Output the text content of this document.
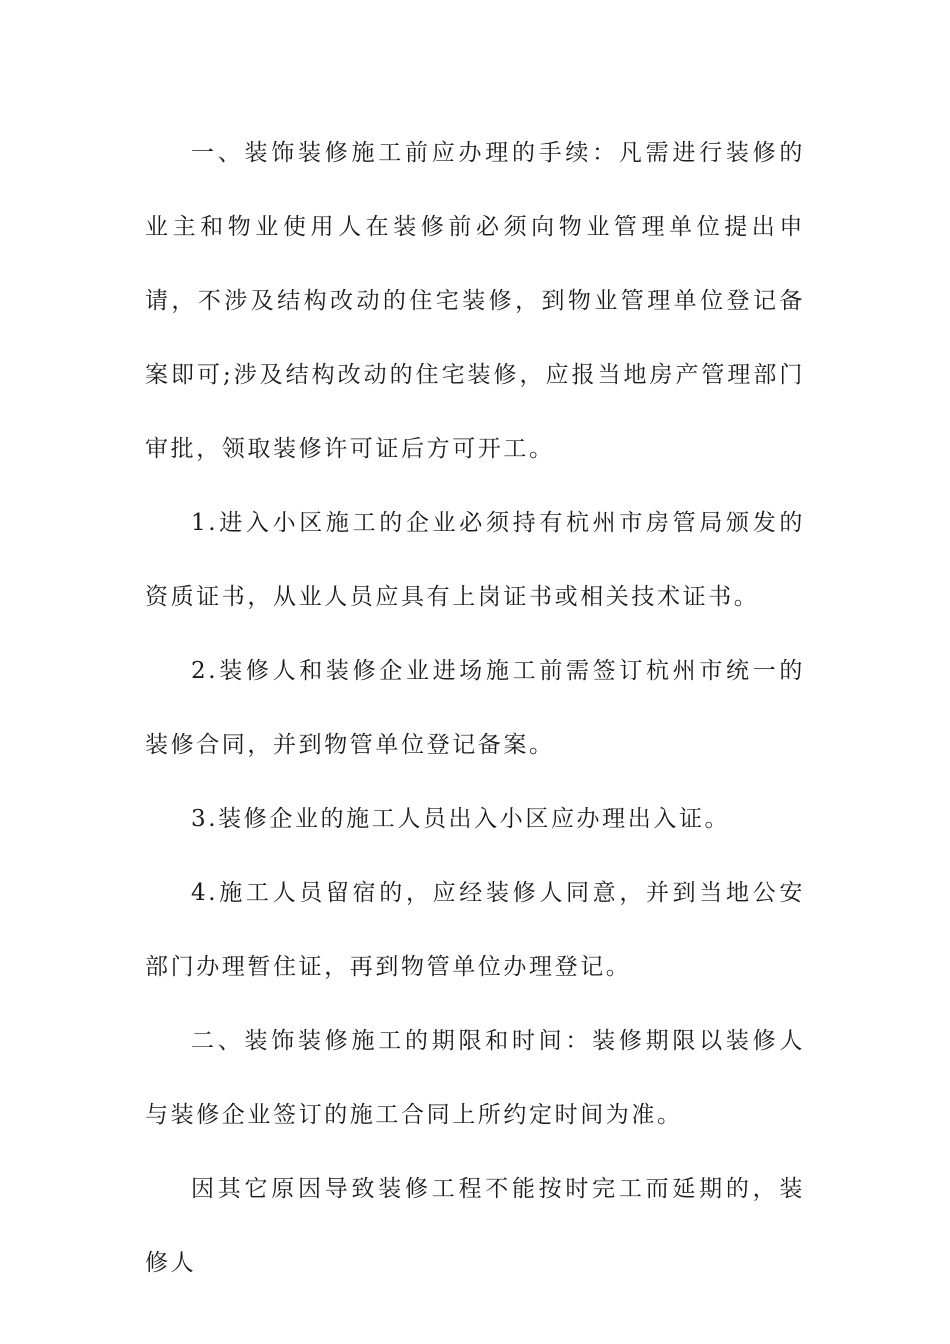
一、装饰装修施工前应办理的手续：凡需进行装修的业主和物业使用人在装修前必须向物业管理单位提出申请，不涉及结构改动的住宅装修，到物业管理单位登记备案即可;涉及结构改动的住宅装修，应报当地房产管理部门审批，领取装修许可证后方可开工。

1.进入小区施工的企业必须持有杭州市房管局颁发的资质证书，从业人员应具有上岗证书或相关技术证书。

2.装修人和装修企业进场施工前需签订杭州市统一的装修合同，并到物管单位登记备案。

3.装修企业的施工人员出入小区应办理出入证。

4.施工人员留宿的，应经装修人同意，并到当地公安部门办理暂住证，再到物管单位办理登记。

二、装饰装修施工的期限和时间：装修期限以装修人与装修企业签订的施工合同上所约定时间为准。

因其它原因导致装修工程不能按时完工而延期的，装修人
